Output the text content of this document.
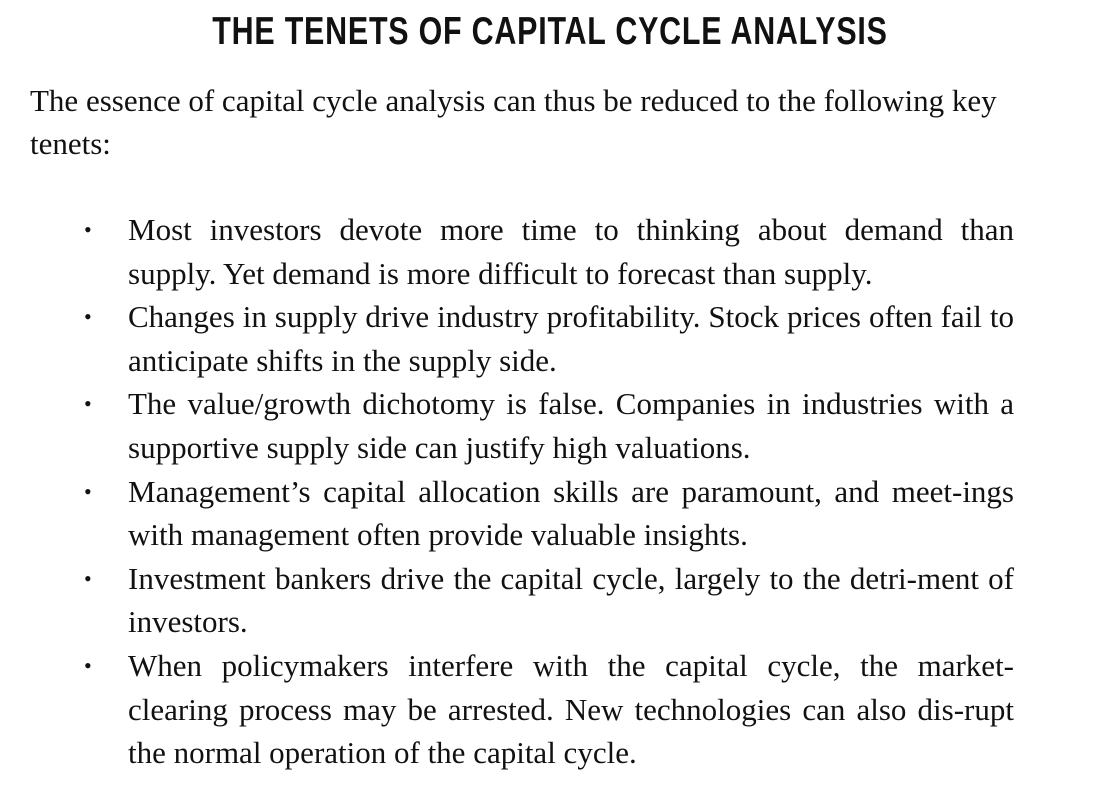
THE TENETS OF CAPITAL CYCLE ANALYSIS

The essence of capital cycle analysis can thus be reduced to the following key tenets:

• Most investors devote more time to thinking about demand than supply. Yet demand is more difficult to forecast than supply.
• Changes in supply drive industry profitability. Stock prices often fail to anticipate shifts in the supply side.
• The value/growth dichotomy is false. Companies in industries with a supportive supply side can justify high valuations.
• Management’s capital allocation skills are paramount, and meet-ings with management often provide valuable insights.
• Investment bankers drive the capital cycle, largely to the detri-ment of investors.
• When policymakers interfere with the capital cycle, the market-clearing process may be arrested. New technologies can also dis-rupt the normal operation of the capital cycle.
